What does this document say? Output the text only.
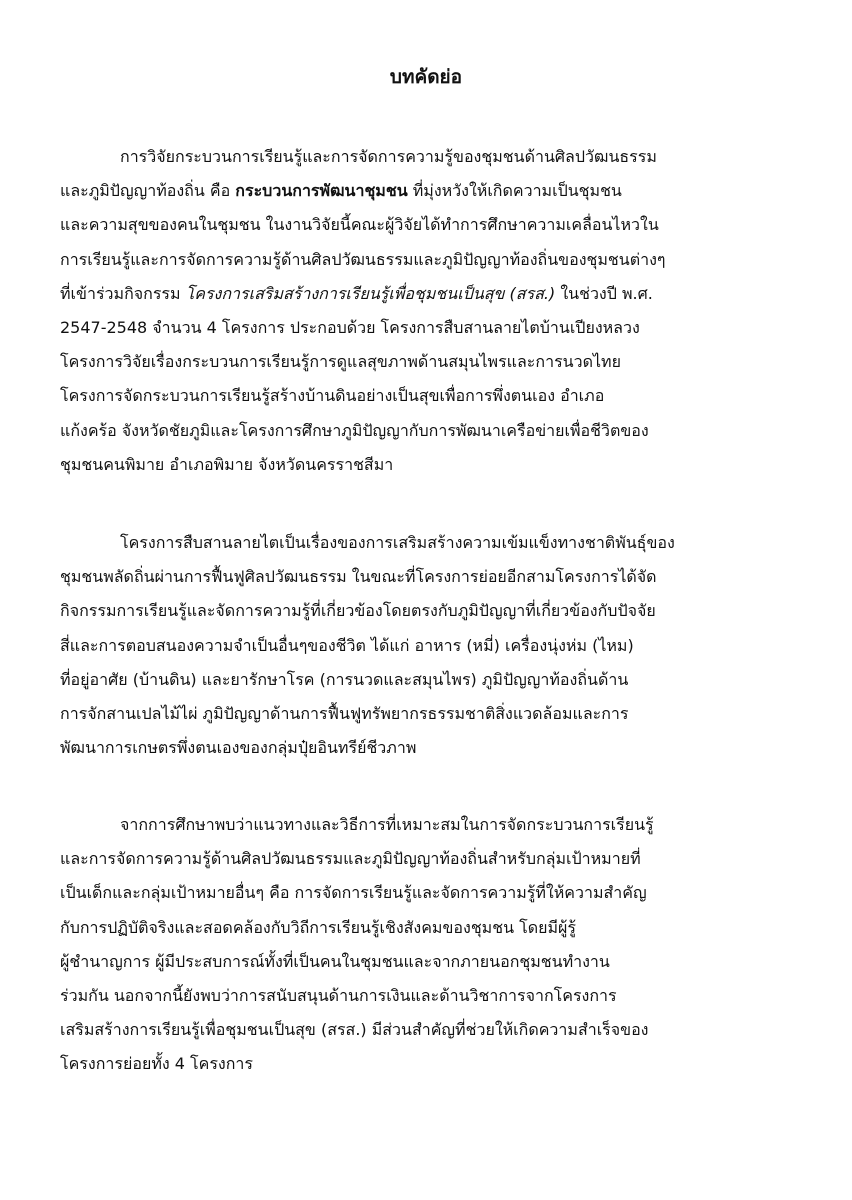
บทคัดย่อ
การวิจัยกระบวนการเรียนรู้และการจัดการความรู้ของชุมชนด้านศิลปวัฒนธรรม
และภูมิปัญญาท้องถิ่น คือ กระบวนการพัฒนาชุมชน ที่มุ่งหวังให้เกิดความเป็นชุมชน
และความสุขของคนในชุมชน ในงานวิจัยนี้คณะผู้วิจัยได้ทำการศึกษาความเคลื่อนไหวใน
การเรียนรู้และการจัดการความรู้ด้านศิลปวัฒนธรรมและภูมิปัญญาท้องถิ่นของชุมชนต่างๆ
ที่เข้าร่วมกิจกรรม โครงการเสริมสร้างการเรียนรู้เพื่อชุมชนเป็นสุข (สรส.) ในช่วงปี พ.ศ.
2547-2548 จำนวน 4 โครงการ ประกอบด้วย โครงการสืบสานลายไตบ้านเปียงหลวง
โครงการวิจัยเรื่องกระบวนการเรียนรู้การดูแลสุขภาพด้านสมุนไพรและการนวดไทย
โครงการจัดกระบวนการเรียนรู้สร้างบ้านดินอย่างเป็นสุขเพื่อการพึ่งตนเอง อำเภอ
แก้งคร้อ จังหวัดชัยภูมิและโครงการศึกษาภูมิปัญญากับการพัฒนาเครือข่ายเพื่อชีวิตของ
ชุมชนคนพิมาย อำเภอพิมาย จังหวัดนครราชสีมา
โครงการสืบสานลายไตเป็นเรื่องของการเสริมสร้างความเข้มแข็งทางชาติพันธุ์ของ
ชุมชนพลัดถิ่นผ่านการฟื้นฟูศิลปวัฒนธรรม ในขณะที่โครงการย่อยอีกสามโครงการได้จัด
กิจกรรมการเรียนรู้และจัดการความรู้ที่เกี่ยวข้องโดยตรงกับภูมิปัญญาที่เกี่ยวข้องกับปัจจัย
สี่และการตอบสนองความจำเป็นอื่นๆของชีวิต ได้แก่ อาหาร (หมี่) เครื่องนุ่งห่ม (ไหม)
ที่อยู่อาศัย (บ้านดิน) และยารักษาโรค (การนวดและสมุนไพร) ภูมิปัญญาท้องถิ่นด้าน
การจักสานเปลไม้ไผ่ ภูมิปัญญาด้านการฟื้นฟูทรัพยากรธรรมชาติสิ่งแวดล้อมและการ
พัฒนาการเกษตรพึ่งตนเองของกลุ่มปุ๋ยอินทรีย์ชีวภาพ
จากการศึกษาพบว่าแนวทางและวิธีการที่เหมาะสมในการจัดกระบวนการเรียนรู้
และการจัดการความรู้ด้านศิลปวัฒนธรรมและภูมิปัญญาท้องถิ่นสำหรับกลุ่มเป้าหมายที่
เป็นเด็กและกลุ่มเป้าหมายอื่นๆ คือ การจัดการเรียนรู้และจัดการความรู้ที่ให้ความสำคัญ
กับการปฏิบัติจริงและสอดคล้องกับวิถีการเรียนรู้เชิงสังคมของชุมชน โดยมีผู้รู้
ผู้ชำนาญการ ผู้มีประสบการณ์ทั้งที่เป็นคนในชุมชนและจากภายนอกชุมชนทำงาน
ร่วมกัน นอกจากนี้ยังพบว่าการสนับสนุนด้านการเงินและด้านวิชาการจากโครงการ
เสริมสร้างการเรียนรู้เพื่อชุมชนเป็นสุข (สรส.) มีส่วนสำคัญที่ช่วยให้เกิดความสำเร็จของ
โครงการย่อยทั้ง 4 โครงการ
